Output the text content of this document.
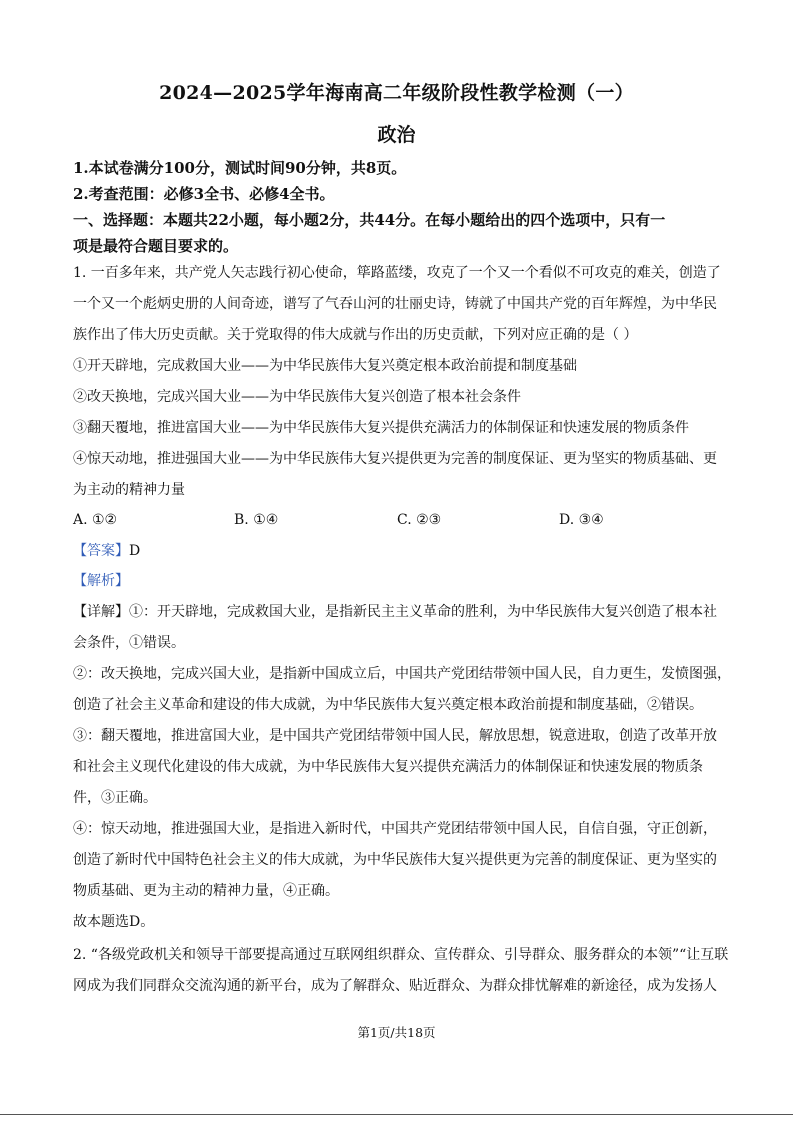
2024—2025学年海南高二年级阶段性教学检测（一）
政治
1.本试卷满分100分，测试时间90分钟，共8页。
2.考查范围：必修3全书、必修4全书。
一、选择题：本题共22小题，每小题2分，共44分。在每小题给出的四个选项中，只有一
项是最符合题目要求的。
1. 一百多年来，共产党人矢志践行初心使命，筚路蓝缕，攻克了一个又一个看似不可攻克的难关，创造了
一个又一个彪炳史册的人间奇迹，谱写了气吞山河的壮丽史诗，铸就了中国共产党的百年辉煌，为中华民
族作出了伟大历史贡献。关于党取得的伟大成就与作出的历史贡献，下列对应正确的是（ ）
①开天辟地，完成救国大业——为中华民族伟大复兴奠定根本政治前提和制度基础
②改天换地，完成兴国大业——为中华民族伟大复兴创造了根本社会条件
③翻天覆地，推进富国大业——为中华民族伟大复兴提供充满活力的体制保证和快速发展的物质条件
④惊天动地，推进强国大业——为中华民族伟大复兴提供更为完善的制度保证、更为坚实的物质基础、更
为主动的精神力量
A. ①②	B. ①④	C. ②③	D. ③④
【答案】D
【解析】
【详解】①：开天辟地，完成救国大业，是指新民主主义革命的胜利，为中华民族伟大复兴创造了根本社
会条件，①错误。
②：改天换地，完成兴国大业，是指新中国成立后，中国共产党团结带领中国人民，自力更生，发愤图强，
创造了社会主义革命和建设的伟大成就，为中华民族伟大复兴奠定根本政治前提和制度基础，②错误。
③：翻天覆地，推进富国大业，是中国共产党团结带领中国人民，解放思想，锐意进取，创造了改革开放
和社会主义现代化建设的伟大成就，为中华民族伟大复兴提供充满活力的体制保证和快速发展的物质条
件，③正确。
④：惊天动地，推进强国大业，是指进入新时代，中国共产党团结带领中国人民，自信自强，守正创新，
创造了新时代中国特色社会主义的伟大成就，为中华民族伟大复兴提供更为完善的制度保证、更为坚实的
物质基础、更为主动的精神力量，④正确。
故本题选D。
2. “各级党政机关和领导干部要提高通过互联网组织群众、宣传群众、引导群众、服务群众的本领”“让互联
网成为我们同群众交流沟通的新平台，成为了解群众、贴近群众、为群众排忧解难的新途径，成为发扬人
第1页/共18页
